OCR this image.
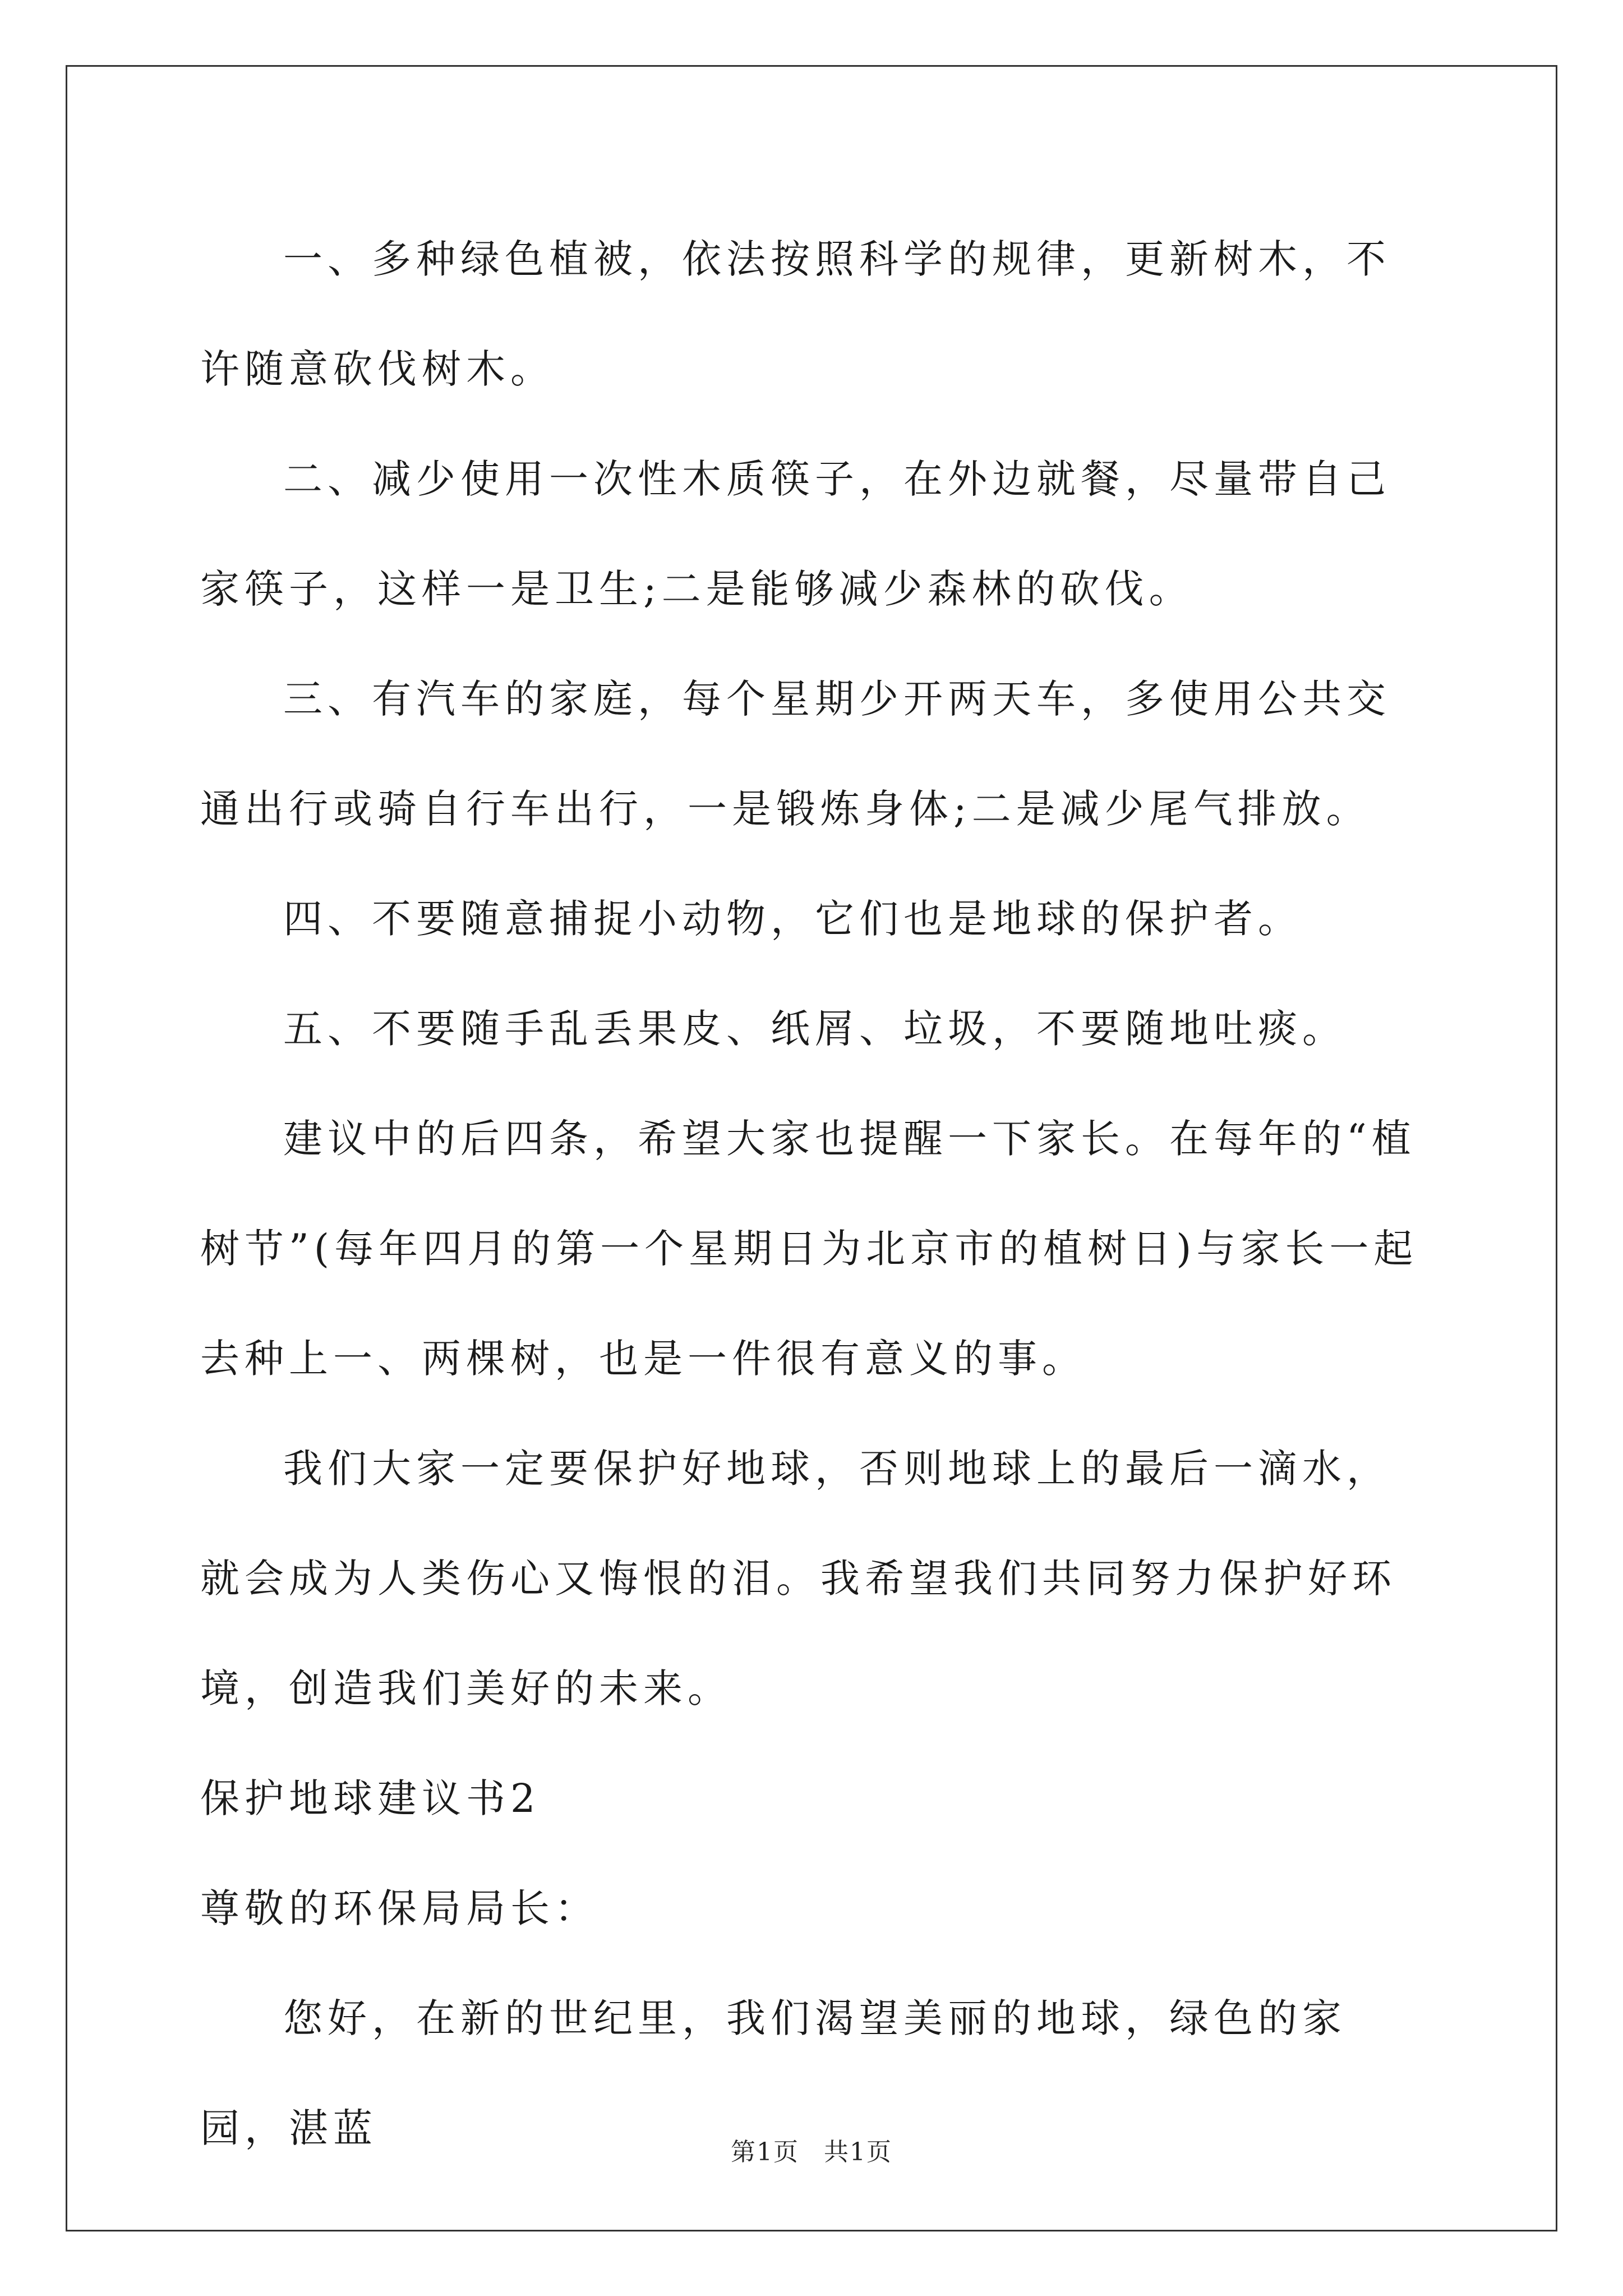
一、多种绿色植被，依法按照科学的规律，更新树木，不许随意砍伐树木。

二、减少使用一次性木质筷子，在外边就餐，尽量带自己家筷子，这样一是卫生;二是能够减少森林的砍伐。

三、有汽车的家庭，每个星期少开两天车，多使用公共交通出行或骑自行车出行，一是锻炼身体;二是减少尾气排放。

四、不要随意捕捉小动物，它们也是地球的保护者。

五、不要随手乱丢果皮、纸屑、垃圾，不要随地吐痰。

建议中的后四条，希望大家也提醒一下家长。在每年的“植树节”(每年四月的第一个星期日为北京市的植树日)与家长一起去种上一、两棵树，也是一件很有意义的事。

我们大家一定要保护好地球，否则地球上的最后一滴水，就会成为人类伤心又悔恨的泪。我希望我们共同努力保护好环境，创造我们美好的未来。

保护地球建议书2

尊敬的环保局局长：

您好，在新的世纪里，我们渴望美丽的地球，绿色的家园，湛蓝

第1页 共1页
